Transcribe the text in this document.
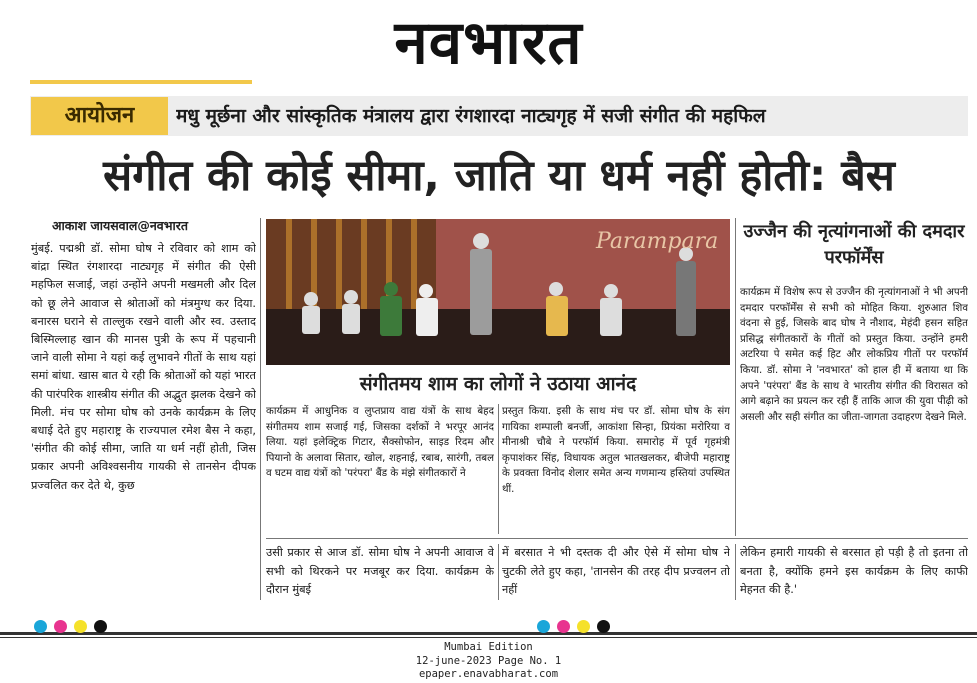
नवभारत
आयोजन	मधु मूर्छना और सांस्कृतिक मंत्रालय द्वारा रंगशारदा नाट्यगृह में सजी संगीत की महफिल
संगीत की कोई सीमा, जाति या धर्म नहीं होती: बैस
आकाश जायसवाल@नवभारत
मुंबई. पद्मश्री डॉ. सोमा घोष ने रविवार को शाम को बांद्रा स्थित रंगशारदा नाट्यगृह में संगीत की ऐसी महफिल सजाई, जहां उन्होंने अपनी मखमली और दिल को छू लेने आवाज से श्रोताओं को मंत्रमुग्ध कर दिया. बनारस घराने से ताल्लुक रखने वाली और स्व. उस्ताद बिस्मिल्लाह खान की मानस पुत्री के रूप में पहचानी जाने वाली सोमा ने यहां कई लुभावने गीतों के साथ यहां समां बांधा. खास बात ये रही कि श्रोताओं को यहां भारत की पारंपरिक शास्त्रीय संगीत की अद्भुत झलक देखने को मिली. मंच पर सोमा घोष को उनके कार्यक्रम के लिए बधाई देते हुए महाराष्ट्र के राज्यपाल रमेश बैस ने कहा, 'संगीत की कोई सीमा, जाति या धर्म नहीं होती, जिस प्रकार अपनी अविश्वसनीय गायकी से तानसेन दीपक प्रज्वलित कर देते थे, कुछ
Parampara
संगीतमय शाम का लोगों ने उठाया आनंद
कार्यक्रम में आधुनिक व लुप्तप्राय वाद्य यंत्रों के साथ बेहद संगीतमय शाम सजाई गई, जिसका दर्शकों ने भरपूर आनंद लिया. यहां इलेक्ट्रिक गिटार, सैक्सोफोन, साइड रिदम और पियानो के अलावा सितार, खोल, शहनाई, रबाब, सारंगी, तबल व घटम वाद्य यंत्रों को 'परंपरा' बैंड के मंझे संगीतकारों ने
प्रस्तुत किया. इसी के साथ मंच पर डॉ. सोमा घोष के संग गायिका शम्पाली बनर्जी, आकांशा सिन्हा, प्रियंका मरोरिया व मीनाश्री चौबे ने परफॉर्म किया. समारोह में पूर्व गृहमंत्री कृपाशंकर सिंह, विधायक अतुल भातखलकर, बीजेपी महाराष्ट्र के प्रवक्ता विनोद शेलार समेत अन्य गणमान्य हस्तियां उपस्थित थीं.
उज्जैन की नृत्यांगनाओं की दमदार परफॉर्मेंस
कार्यक्रम में विशेष रूप से उज्जैन की नृत्यांगनाओं ने भी अपनी दमदार परफॉर्मेंस से सभी को मोहित किया. शुरुआत शिव वंदना से हुई, जिसके बाद घोष ने नौशाद, मेहंदी हसन सहित प्रसिद्ध संगीतकारों के गीतों को प्रस्तुत किया. उन्होंने हमरी अटरिया पे समेत कई हिट और लोकप्रिय गीतों पर परफॉर्म किया. डॉ. सोमा ने 'नवभारत' को हाल ही में बताया था कि अपने 'परंपरा' बैंड के साथ वे भारतीय संगीत की विरासत को आगे बढ़ाने का प्रयत्न कर रही हैं ताकि आज की युवा पीढ़ी को असली और सही संगीत का जीता-जागता उदाहरण देखने मिले.
उसी प्रकार से आज डॉ. सोमा घोष ने अपनी आवाज वे सभी को थिरकने पर मजबूर कर दिया. कार्यक्रम के दौरान मुंबई
में बरसात ने भी दस्तक दी और ऐसे में सोमा घोष ने चुटकी लेते हुए कहा, 'तानसेन की तरह दीप प्रज्वलन तो नहीं
लेकिन हमारी गायकी से बरसात हो पड़ी है तो इतना तो बनता है, क्योंकि हमने इस कार्यक्रम के लिए काफी मेहनत की है.'
Mumbai Edition
12-june-2023 Page No. 1
epaper.enavabharat.com
